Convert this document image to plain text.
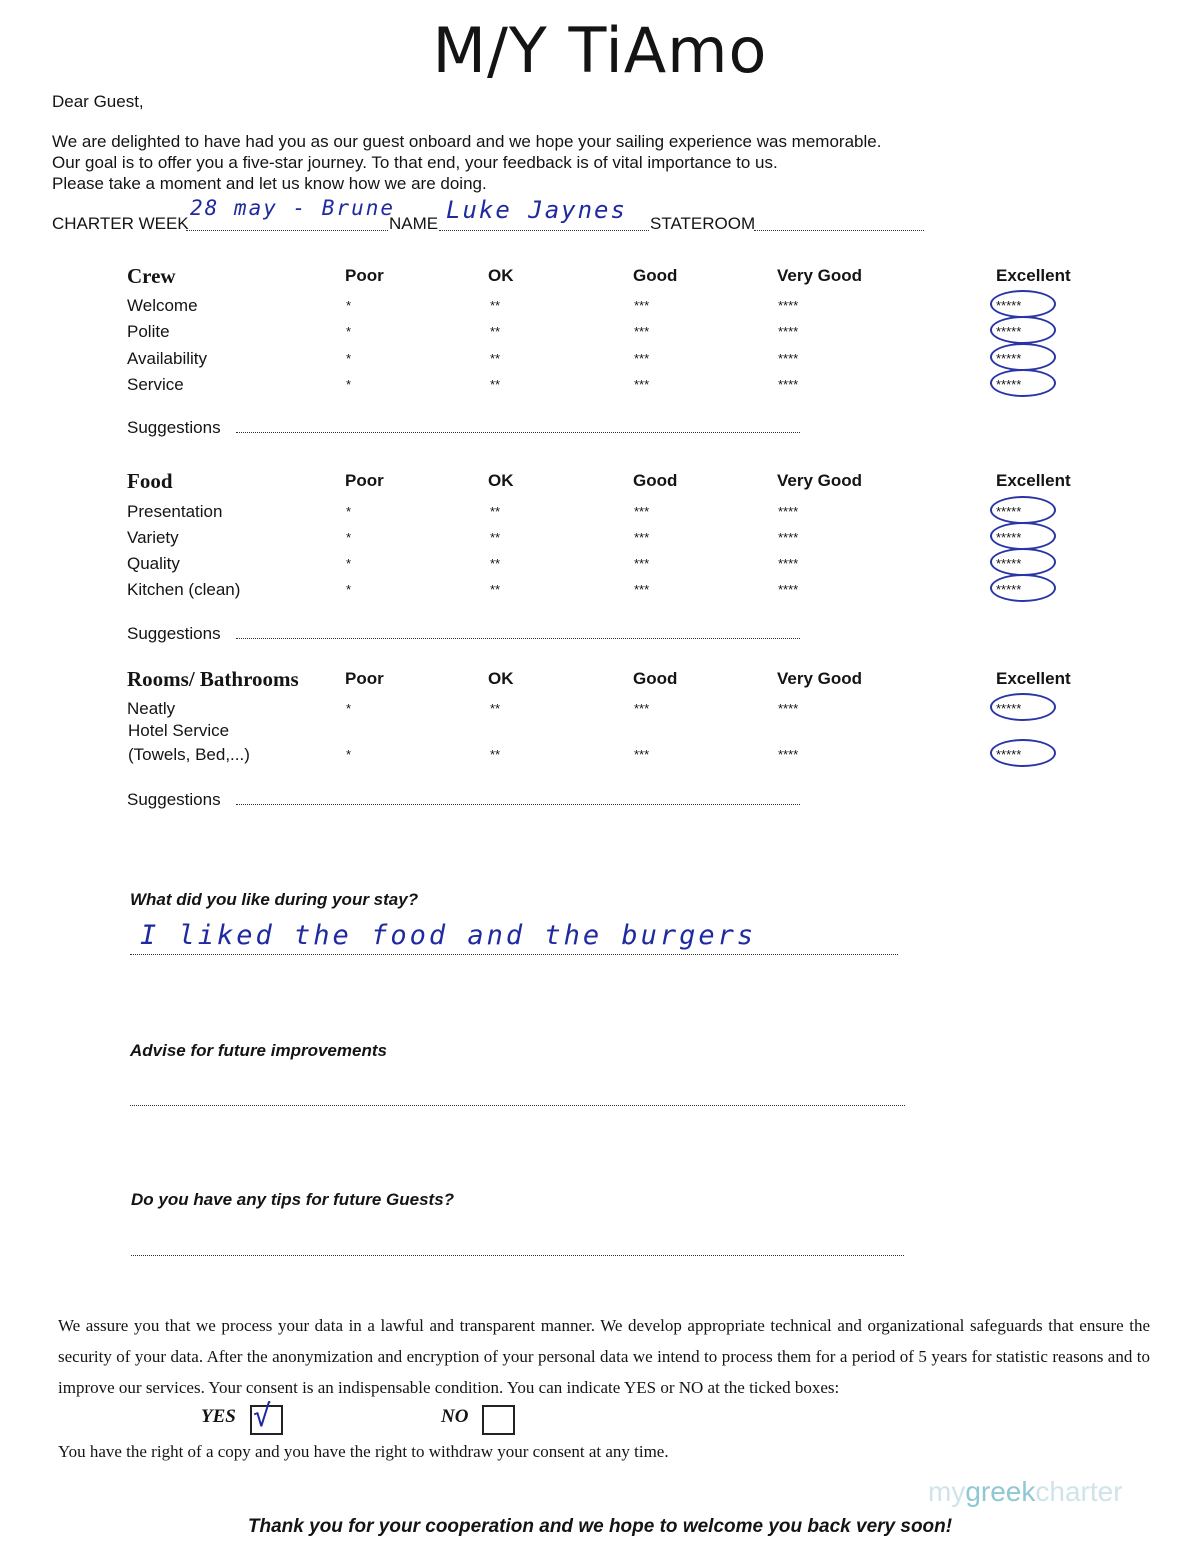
M/Y TiAmo
Dear Guest,
We are delighted to have had you as our guest onboard and we hope your sailing experience was memorable.
Our goal is to offer you a five-star journey. To that end, your feedback is of vital importance to us.
Please take a moment and let us know how we are doing.
CHARTER WEEK
28 may - Brune
NAME Luke Jaynes STATEROOM
Crew	Poor	OK	Good	Very Good	Excellent
Welcome	*	**	***	****	*****
Polite	*	**	***	****	*****
Availability	*	**	***	****	*****
Service	*	**	***	****	*****
Suggestions
Food	Poor	OK	Good	Very Good	Excellent
Presentation	*	**	***	****	*****
Variety	*	**	***	****	*****
Quality	*	**	***	****	*****
Kitchen (clean)	*	**	***	****	*****
Suggestions
Rooms/ Bathrooms	Poor	OK	Good	Very Good	Excellent
Neatly	*	**	***	****	*****
Hotel Service
(Towels, Bed,...)	*	**	***	****	*****
Suggestions
What did you like during your stay?
I liked the food and the burgers
Advise for future improvements
Do you have any tips for future Guests?
We assure you that we process your data in a lawful and transparent manner. We develop appropriate technical and organizational safeguards that ensure the security of your data. After the anonymization and encryption of your personal data we intend to process them for a period of 5 years for statistic reasons and to improve our services. Your consent is an indispensable condition. You can indicate YES or NO at the ticked boxes:
YES √	NO
You have the right of a copy and you have the right to withdraw your consent at any time.
mygreekcharter
Thank you for your cooperation and we hope to welcome you back very soon!
